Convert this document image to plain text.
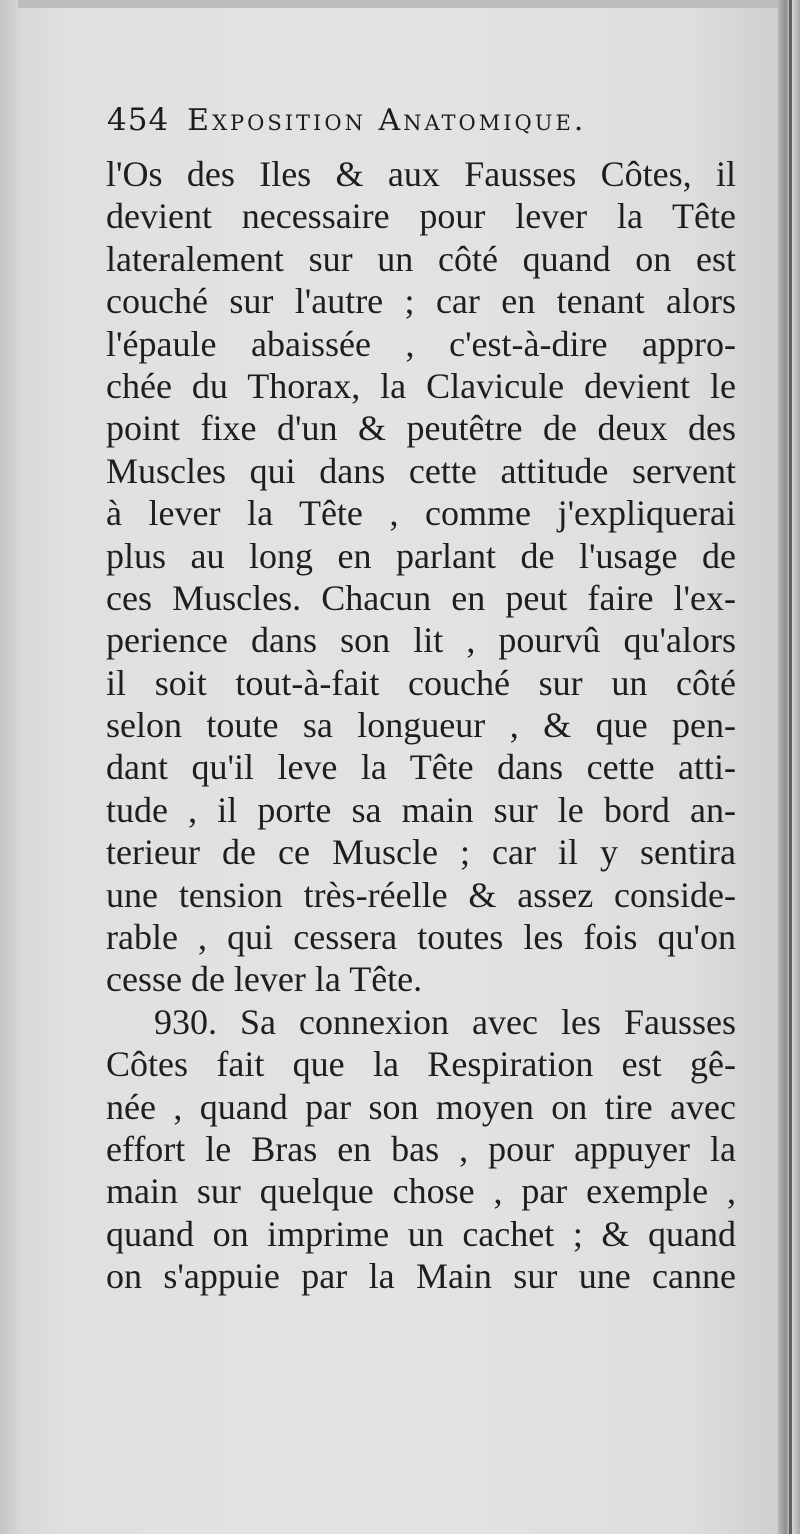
454 Exposition Anatomique.
l'Os des Iles & aux Fausses Côtes, il
devient necessaire pour lever la Tête
lateralement sur un côté quand on est
couché sur l'autre ; car en tenant alors
l'épaule abaissée , c'est-à-dire appro-
chée du Thorax, la Clavicule devient le
point fixe d'un & peutêtre de deux des
Muscles qui dans cette attitude servent
à lever la Tête , comme j'expliquerai
plus au long en parlant de l'usage de
ces Muscles. Chacun en peut faire l'ex-
perience dans son lit , pourvû qu'alors
il soit tout-à-fait couché sur un côté
selon toute sa longueur , & que pen-
dant qu'il leve la Tête dans cette atti-
tude , il porte sa main sur le bord an-
terieur de ce Muscle ; car il y sentira
une tension très-réelle & assez conside-
rable , qui cessera toutes les fois qu'on
cesse de lever la Tête.
930. Sa connexion avec les Fausses
Côtes fait que la Respiration est gê-
née , quand par son moyen on tire avec
effort le Bras en bas , pour appuyer la
main sur quelque chose , par exemple ,
quand on imprime un cachet ; & quand
on s'appuie par la Main sur une canne
